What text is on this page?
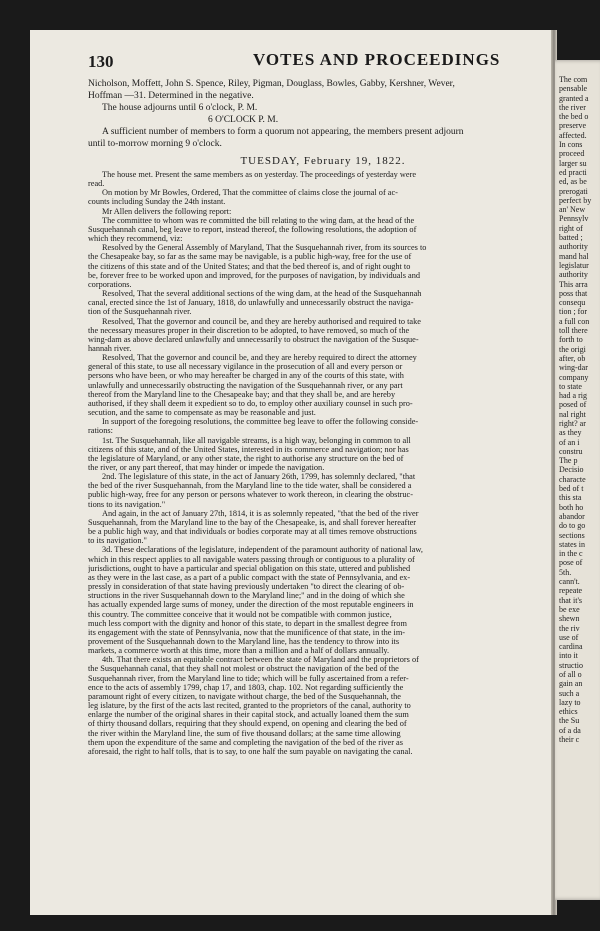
130	VOTES AND PROCEEDINGS
Nicholson, Moffett, John S. Spence, Riley, Pigman, Douglass, Bowles, Gabby, Kershner, Wever,
Hoffman —31. Determined in the negative.
The house adjourns until 6 o'clock, P. M.
6 O'CLOCK P. M.
A sufficient number of members to form a quorum not appearing, the members present adjourn
until to-morrow morning 9 o'clock.
TUESDAY, February 19, 1822.
The house met. Present the same members as on yesterday. The proceedings of yesterday were
read.
On motion by Mr Bowles, Ordered, That the committee of claims close the journal of ac-
counts including Sunday the 24th instant.
Mr Allen delivers the following report:
The committee to whom was re committed the bill relating to the wing dam, at the head of the
Susquehannah canal, beg leave to report, instead thereof, the following resolutions, the adoption of
which they recommend, viz:
Resolved by the General Assembly of Maryland, That the Susquehannah river, from its sources to
the Chesapeake bay, so far as the same may be navigable, is a public high-way, free for the use of
the citizens of this state and of the United States; and that the bed thereof is, and of right ought to
be, forever free to be worked upon and improved, for the purposes of navigation, by individuals and
corporations.
Resolved, That the several additional sections of the wing dam, at the head of the Susquehannah
canal, erected since the 1st of January, 1818, do unlawfully and unnecessarily obstruct the naviga-
tion of the Susquehannah river.
Resolved, That the governor and council be, and they are hereby authorised and required to take
the necessary measures proper in their discretion to be adopted, to have removed, so much of the
wing-dam as above declared unlawfully and unnecessarily to obstruct the navigation of the Susque-
hannah river.
Resolved, That the governor and council be, and they are hereby required to direct the attorney
general of this state, to use all necessary vigilance in the prosecution of all and every person or
persons who have been, or who may hereafter be charged in any of the courts of this state, with
unlawfully and unnecessarily obstructing the navigation of the Susquehannah river, or any part
thereof from the Maryland line to the Chesapeake bay; and that they shall be, and are hereby
authorised, if they shall deem it expedient so to do, to employ other auxiliary counsel in such pro-
secution, and the same to compensate as may be reasonable and just.
In support of the foregoing resolutions, the committee beg leave to offer the following conside-
rations:
1st. The Susquehannah, like all navigable streams, is a high way, belonging in common to all
citizens of this state, and of the United States, interested in its commerce and navigation; nor has
the legislature of Maryland, or any other state, the right to authorise any structure on the bed of
the river, or any part thereof, that may hinder or impede the navigation.
2nd. The legislature of this state, in the act of January 26th, 1799, has solemnly declared, "that
the bed of the river Susquehannah, from the Maryland line to the tide water, shall be considered a
public high-way, free for any person or persons whatever to work thereon, in clearing the obstruc-
tions to its navigation."
And again, in the act of January 27th, 1814, it is as solemnly repeated, "that the bed of the river
Susquehannah, from the Maryland line to the bay of the Chesapeake, is, and shall forever hereafter
be a public high way, and that individuals or bodies corporate may at all times remove obstructions
to its navigation."
3d. These declarations of the legislature, independent of the paramount authority of national law,
which in this respect applies to all navigable waters passing through or contiguous to a plurality of
jurisdictions, ought to have a particular and special obligation on this state, uttered and published
as they were in the last case, as a part of a public compact with the state of Pennsylvania, and ex-
pressly in consideration of that state having previously undertaken "to direct the clearing of ob-
structions in the river Susquehannah down to the Maryland line;" and in the doing of which she
has actually expended large sums of money, under the direction of the most reputable engineers in
this country. The committee conceive that it would not be compatible with common justice,
much less comport with the dignity and honor of this state, to depart in the smallest degree from
its engagement with the state of Pennsylvania, now that the munificence of that state, in the im-
provement of the Susquehannah down to the Maryland line, has the tendency to throw into its
markets, a commerce worth at this time, more than a million and a half of dollars annually.
4th. That there exists an equitable contract between the state of Maryland and the proprietors of
the Susquehannah canal, that they shall not molest or obstruct the navigation of the bed of the
Susquehannah river, from the Maryland line to tide; which will be fully ascertained from a refer-
ence to the acts of assembly 1799, chap 17, and 1803, chap. 102. Not regarding sufficiently the
paramount right of every citizen, to navigate without charge, the bed of the Susquehannah, the
leg islature, by the first of the acts last recited, granted to the proprietors of the canal, authority to
enlarge the number of the original shares in their capital stock, and actually loaned them the sum
of thirty thousand dollars, requiring that they should expend, on opening and clearing the bed of
the river within the Maryland line, the sum of five thousand dollars; at the same time allowing
them upon the expenditure of the same and completing the navigation of the bed of the river as
aforesaid, the right to half tolls, that is to say, to one half the sum payable on navigating the canal.
The com
pensable
granted a
the river
the bed o
preserve
affected.
In cons
proceed
larger su
ed practi
ed, as be
prerogati
perfect by
an' New
Pennsylv
right of
batted ;
authority
mand hal
legislatur
authority
This arra
poss that
consequ
tion ; for
a full con
toll there
forth to
the origi
after, ob
wing-dar
company
to state
had a rig
posed of
nal right
right? ar
as they
of an i
constru
The p
Decisio
characte
bed of t
this sta
both ho
abandor
do to go
sections
states in
in the c
pose of
5th.
cann't.
repeate
that it's
be exe
shewn
the riv
use of
cardina
into it
structio
of all o
gain an
such a
lazy to
ethics
the Su
of a da
their c
